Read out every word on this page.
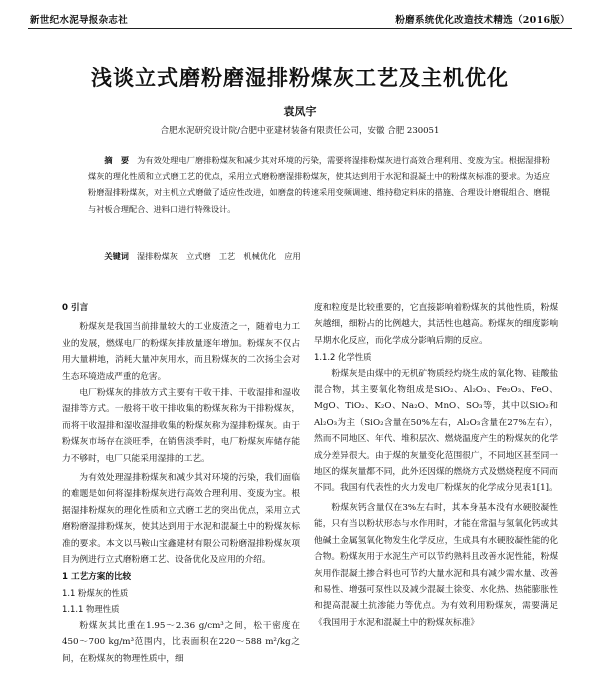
新世纪水泥导报杂志社	粉磨系统优化改造技术精选（2016版）
浅谈立式磨粉磨湿排粉煤灰工艺及主机优化
袁凤宇
合肥水泥研究设计院/合肥中亚建材装备有限责任公司，安徽 合肥 230051
摘　要 为有效处理电厂磨排粉煤灰和减少其对环境的污染，需要将湿排粉煤灰进行高效合理利用、变废为宝。根据湿排粉煤灰的理化性质和立式磨工艺的优点，采用立式磨粉磨湿排粉煤灰，使其达到用于水泥和混凝土中的粉煤灰标准的要求。为适应粉磨湿排粉煤灰，对主机立式磨做了适应性改进，如磨盘的转速采用变频调速、维持稳定料床的措施、合理设计磨辊组合、磨辊与衬板合理配合、进料口进行特殊设计。
关键词 湿排粉煤灰　立式磨　工艺　机械优化　应用
0 引言

粉煤灰是我国当前排量较大的工业废渣之一，随着电力工业的发展，燃煤电厂的粉煤灰排放量逐年增加。粉煤灰不仅占用大量耕地，消耗大量冲灰用水，而且粉煤灰的二次扬尘会对生态环境造成严重的危害。

电厂粉煤灰的排放方式主要有干收干排、干收湿排和湿收湿排等方式。一般将干收干排收集的粉煤灰称为干排粉煤灰，而将干收湿排和湿收湿排收集的粉煤灰称为湿排粉煤灰。由于粉煤灰市场存在淡旺季，在销售淡季时，电厂粉煤灰库储存能力不够时，电厂只能采用湿排的工艺。

为有效处理湿排粉煤灰和减少其对环境的污染，我们面临的难题是如何将湿排粉煤灰进行高效合理利用、变废为宝。根据湿排粉煤灰的理化性质和立式磨工艺的突出优点，采用立式磨粉磨湿排粉煤灰，使其达到用于水泥和混凝土中的粉煤灰标准的要求。本文以马鞍山宝鑫建材有限公司粉磨湿排粉煤灰项目为例进行立式磨粉磨工艺、设备优化及应用的介绍。

1 工艺方案的比较
1.1 粉煤灰的性质
1.1.1 物理性质

粉煤灰其比重在1.95～2.36 g/cm³之间，松干密度在450～700 kg/m³范围内，比表面积在220～588 m²/kg之间，在粉煤灰的物理性质中，细

度和粒度是比较重要的，它直接影响着粉煤灰的其他性质，粉煤灰越细，细粉占的比例越大，其活性也越高。粉煤灰的细度影响早期水化反应，而化学成分影响后期的反应。

1.1.2 化学性质

粉煤灰是由煤中的无机矿物质经灼烧生成的氧化物、硅酸盐混合物，其主要氧化物组成是SiO₂、Al₂O₃、Fe₂O₃、FeO、MgO、TiO₂、K₂O、Na₂O、MnO、SO₃等，其中以SiO₂和Al₂O₃为主（SiO₂含量在50%左右，Al₂O₃含量在27%左右），然而不同地区、年代、堆积层次、燃烧温度产生的粉煤灰的化学成分差异很大。由于煤的灰量变化范围很广，不同地区甚至同一地区的煤灰量都不同，此外还因煤的燃烧方式及燃烧程度不同而不同。我国有代表性的火力发电厂粉煤灰的化学成分见表1[1]。

粉煤灰钙含量仅在3%左右时，其本身基本没有水硬胶凝性能，只有当以粉状形态与水作用时，才能在常温与氢氧化钙或其他碱土金属氢氧化物发生化学反应，生成具有水硬胶凝性能的化合物。粉煤灰用于水泥生产可以节约熟料且改善水泥性能，粉煤灰用作混凝土掺合料也可节约大量水泥和具有减少需水量、改善和易性、增强可泵性以及减少混凝土徐变、水化热、热能膨胀性和提高混凝土抗渗能力等优点。为有效利用粉煤灰，需要满足《我国用于水泥和混凝土中的粉煤灰标准》
